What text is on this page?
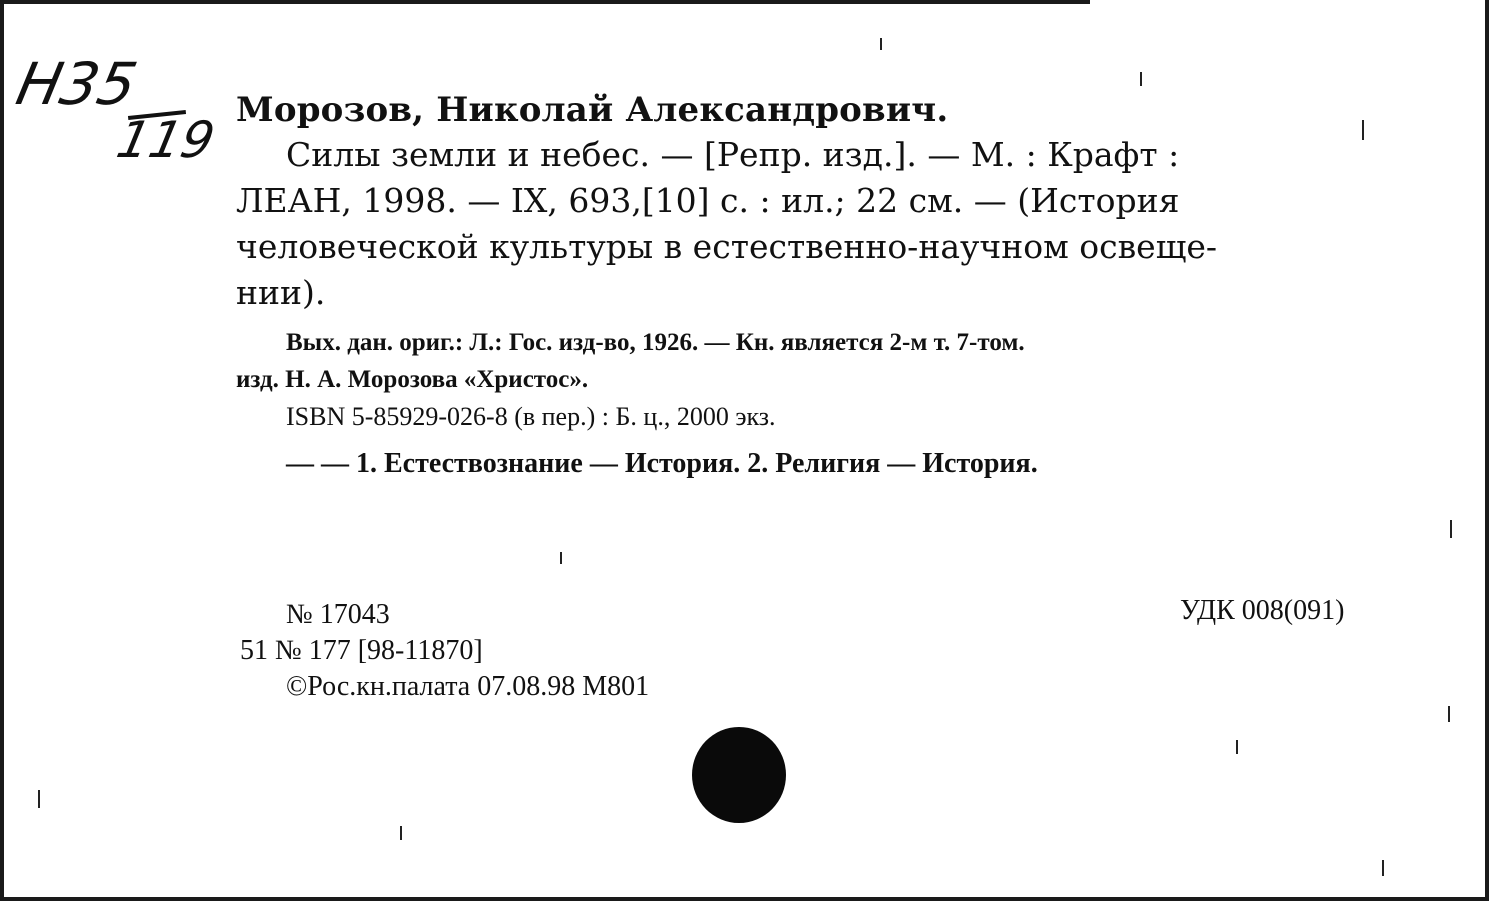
Н35
119

Морозов, Николай Александрович.

Силы земли и небес. — [Репр. изд.]. — М. : Крафт :
ЛЕАН, 1998. — IX, 693,[10] с. : ил.; 22 см. — (История
человеческой культуры в естественно-научном освеще-
нии).

Вых. дан. ориг.: Л.: Гос. изд-во, 1926. — Кн. является 2-м т. 7-том.
изд. Н. А. Морозова «Христос».

ISBN 5-85929-026-8 (в пер.) : Б. ц., 2000 экз.

— — 1. Естествознание — История. 2. Религия — История.
№ 17043
51 № 177 [98-11870]
©Рос.кн.палата 07.08.98 М801
УДК 008(091)
